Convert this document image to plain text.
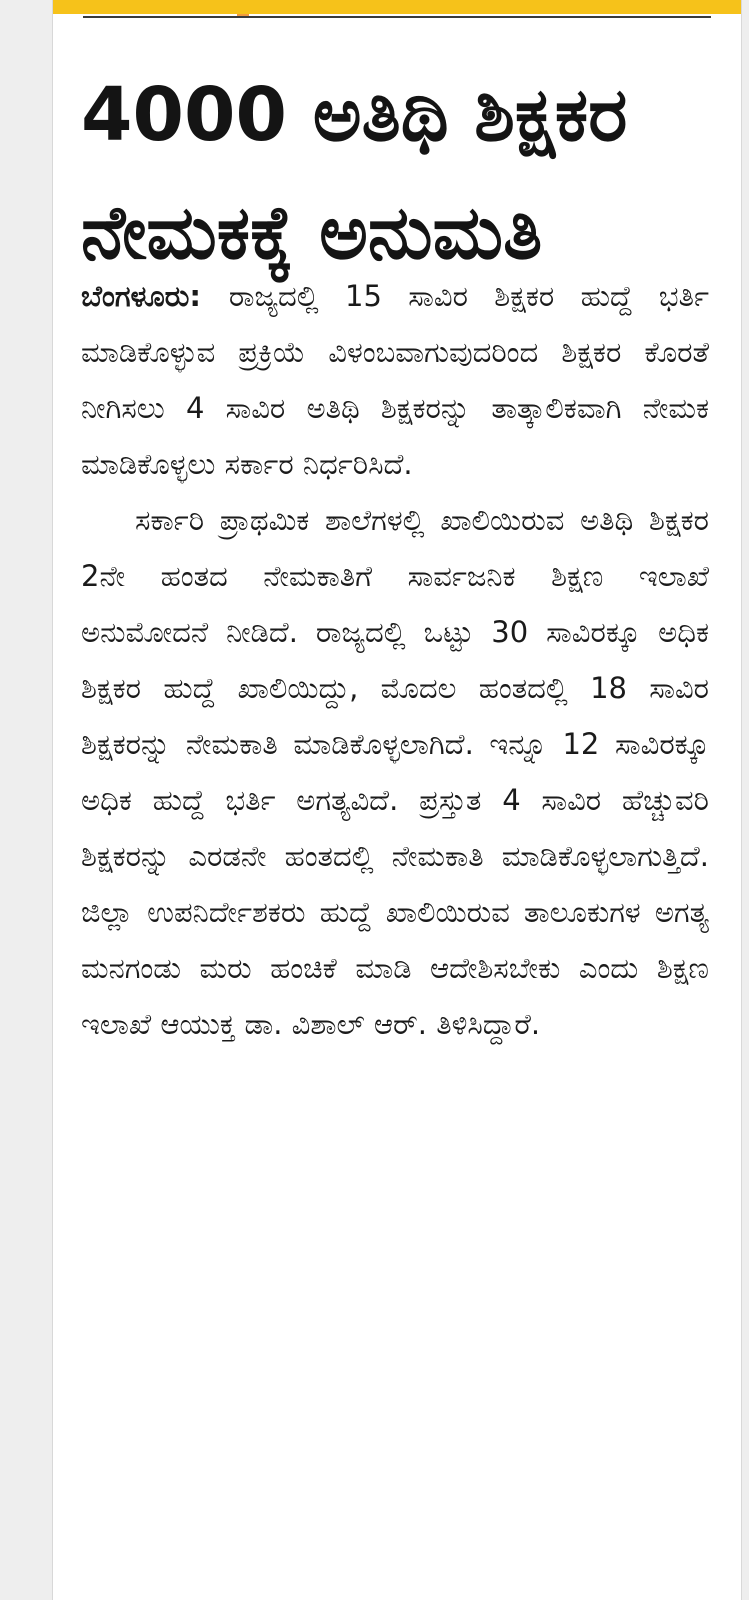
4000 ಅತಿಥಿ ಶಿಕ್ಷಕರ
ನೇಮಕಕ್ಕೆ ಅನುಮತಿ

ಬೆಂಗಳೂರು: ರಾಜ್ಯದಲ್ಲಿ 15 ಸಾವಿರ ಶಿಕ್ಷಕರ ಹುದ್ದೆ ಭರ್ತಿ ಮಾಡಿಕೊಳ್ಳುವ ಪ್ರಕ್ರಿಯೆ ವಿಳಂಬವಾಗುವುದರಿಂದ ಶಿಕ್ಷಕರ ಕೊರತೆ ನೀಗಿಸಲು 4 ಸಾವಿರ ಅತಿಥಿ ಶಿಕ್ಷಕರನ್ನು ತಾತ್ಕಾಲಿಕವಾಗಿ ನೇಮಕ ಮಾಡಿಕೊಳ್ಳಲು ಸರ್ಕಾರ ನಿರ್ಧರಿಸಿದೆ.

ಸರ್ಕಾರಿ ಪ್ರಾಥಮಿಕ ಶಾಲೆಗಳಲ್ಲಿ ಖಾಲಿಯಿರುವ ಅತಿಥಿ ಶಿಕ್ಷಕರ 2ನೇ ಹಂತದ ನೇಮಕಾತಿಗೆ ಸಾರ್ವಜನಿಕ ಶಿಕ್ಷಣ ಇಲಾಖೆ ಅನುಮೋದನೆ ನೀಡಿದೆ. ರಾಜ್ಯದಲ್ಲಿ ಒಟ್ಟು 30 ಸಾವಿರಕ್ಕೂ ಅಧಿಕ ಶಿಕ್ಷಕರ ಹುದ್ದೆ ಖಾಲಿಯಿದ್ದು, ಮೊದಲ ಹಂತದಲ್ಲಿ 18 ಸಾವಿರ ಶಿಕ್ಷಕರನ್ನು ನೇಮಕಾತಿ ಮಾಡಿಕೊಳ್ಳಲಾಗಿದೆ. ಇನ್ನೂ 12 ಸಾವಿರಕ್ಕೂ ಅಧಿಕ ಹುದ್ದೆ ಭರ್ತಿ ಅಗತ್ಯವಿದೆ. ಪ್ರಸ್ತುತ 4 ಸಾವಿರ ಹೆಚ್ಚುವರಿ ಶಿಕ್ಷಕರನ್ನು ಎರಡನೇ ಹಂತದಲ್ಲಿ ನೇಮಕಾತಿ ಮಾಡಿಕೊಳ್ಳಲಾಗುತ್ತಿದೆ. ಜಿಲ್ಲಾ ಉಪನಿರ್ದೇಶಕರು ಹುದ್ದೆ ಖಾಲಿಯಿರುವ ತಾಲೂಕುಗಳ ಅಗತ್ಯ ಮನಗಂಡು ಮರು ಹಂಚಿಕೆ ಮಾಡಿ ಆದೇಶಿಸಬೇಕು ಎಂದು ಶಿಕ್ಷಣ ಇಲಾಖೆ ಆಯುಕ್ತ ಡಾ. ವಿಶಾಲ್ ಆರ್. ತಿಳಿಸಿದ್ದಾರೆ.
